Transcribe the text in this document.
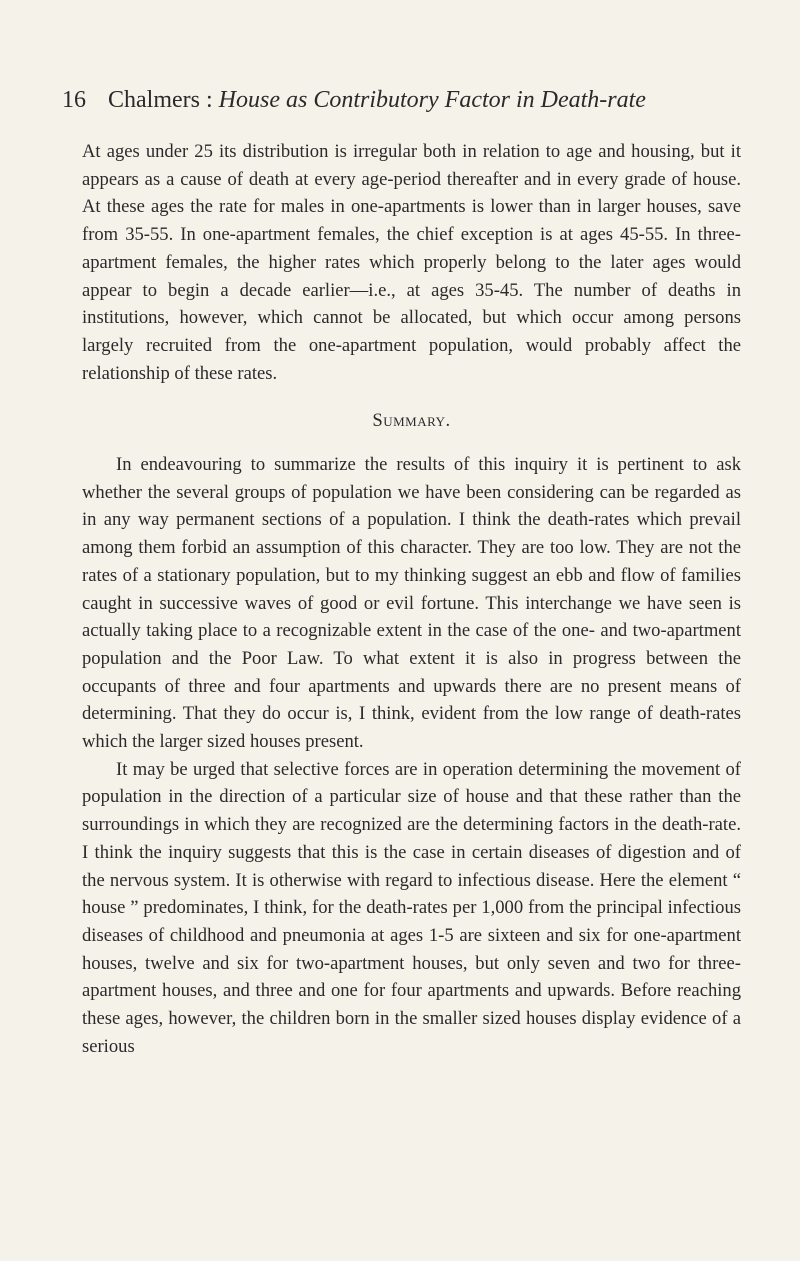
16 Chalmers : House as Contributory Factor in Death-rate

At ages under 25 its distribution is irregular both in relation to age and housing, but it appears as a cause of death at every age-period thereafter and in every grade of house. At these ages the rate for males in one-apartments is lower than in larger houses, save from 35-55. In one-apartment females, the chief exception is at ages 45-55. In three-apartment females, the higher rates which properly belong to the later ages would appear to begin a decade earlier—i.e., at ages 35-45. The number of deaths in institutions, however, which cannot be allocated, but which occur among persons largely recruited from the one-apartment population, would probably affect the relationship of these rates.

Summary.

In endeavouring to summarize the results of this inquiry it is pertinent to ask whether the several groups of population we have been considering can be regarded as in any way permanent sections of a population. I think the death-rates which prevail among them forbid an assumption of this character. They are too low. They are not the rates of a stationary population, but to my thinking suggest an ebb and flow of families caught in successive waves of good or evil fortune. This interchange we have seen is actually taking place to a recognizable extent in the case of the one- and two-apartment population and the Poor Law. To what extent it is also in progress between the occupants of three and four apartments and upwards there are no present means of determining. That they do occur is, I think, evident from the low range of death-rates which the larger sized houses present.

It may be urged that selective forces are in operation determining the movement of population in the direction of a particular size of house and that these rather than the surroundings in which they are recognized are the determining factors in the death-rate. I think the inquiry suggests that this is the case in certain diseases of digestion and of the nervous system. It is otherwise with regard to infectious disease. Here the element “ house ” predominates, I think, for the death-rates per 1,000 from the principal infectious diseases of childhood and pneumonia at ages 1-5 are sixteen and six for one-apartment houses, twelve and six for two-apartment houses, but only seven and two for three-apartment houses, and three and one for four apartments and upwards. Before reaching these ages, however, the children born in the smaller sized houses display evidence of a serious
